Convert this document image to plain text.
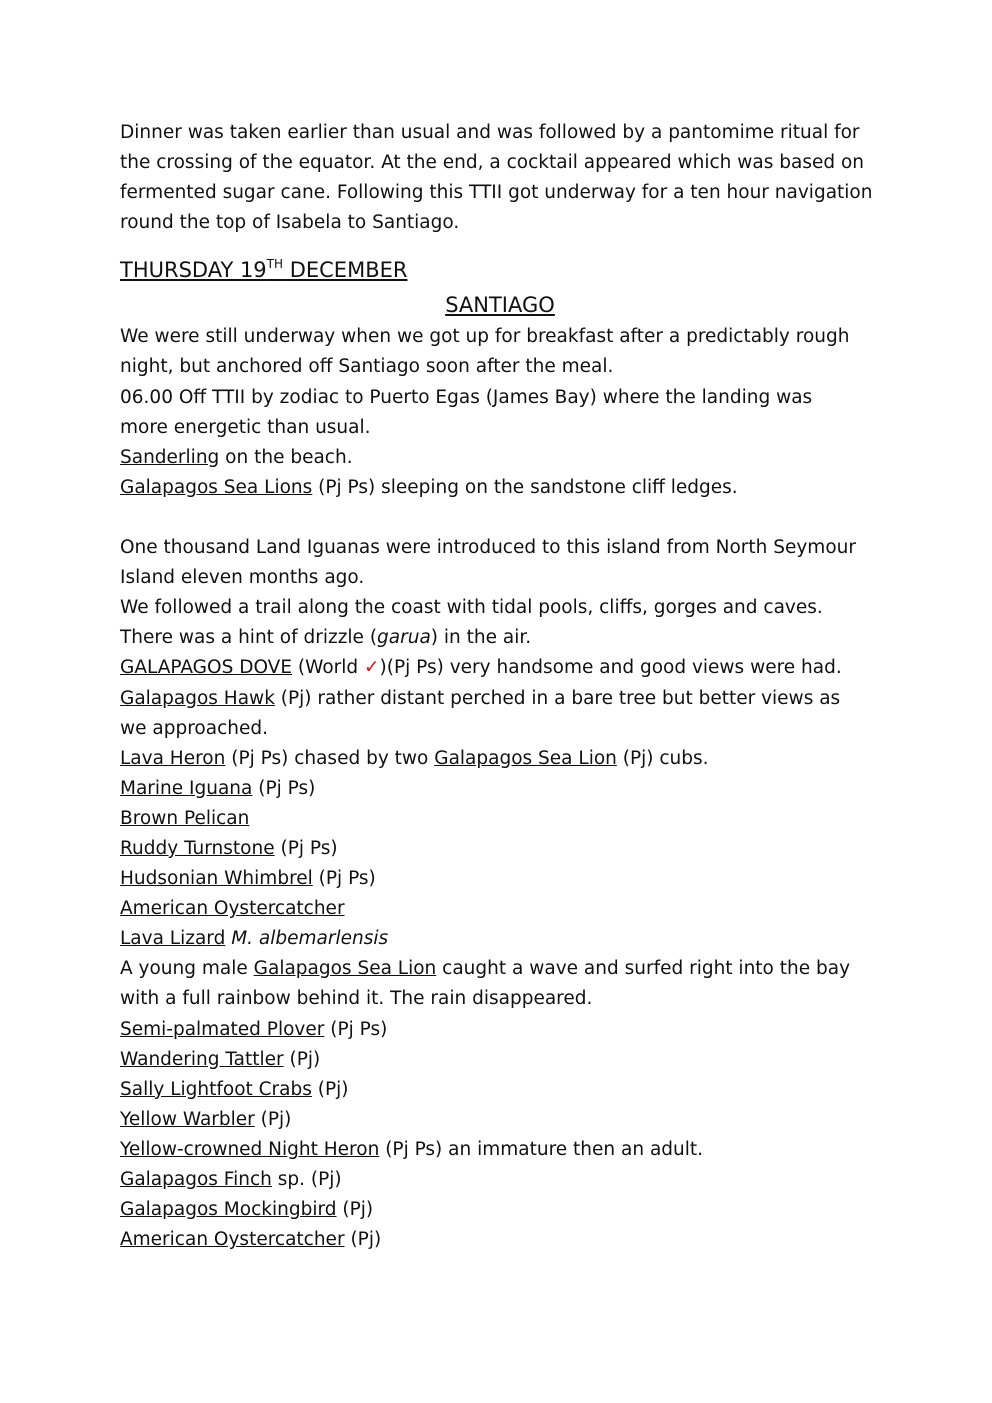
Dinner was taken earlier than usual and was followed by a pantomime ritual for
the crossing of the equator. At the end, a cocktail appeared which was based on
fermented sugar cane. Following this TTII got underway for a ten hour navigation
round the top of Isabela to Santiago.
THURSDAY 19TH DECEMBER
SANTIAGO
We were still underway when we got up for breakfast after a predictably rough
night, but anchored off Santiago soon after the meal.
06.00 Off TTII by zodiac to Puerto Egas (James Bay) where the landing was
more energetic than usual.
Sanderling on the beach.
Galapagos Sea Lions (Pj Ps) sleeping on the sandstone cliff ledges.
One thousand Land Iguanas were introduced to this island from North Seymour
Island eleven months ago.
We followed a trail along the coast with tidal pools, cliffs, gorges and caves.
There was a hint of drizzle (garua) in the air.
GALAPAGOS DOVE (World ✓)(Pj Ps) very handsome and good views were had.
Galapagos Hawk (Pj) rather distant perched in a bare tree but better views as
we approached.
Lava Heron (Pj Ps) chased by two Galapagos Sea Lion (Pj) cubs.
Marine Iguana (Pj Ps)
Brown Pelican
Ruddy Turnstone (Pj Ps)
Hudsonian Whimbrel (Pj Ps)
American Oystercatcher
Lava Lizard M. albemarlensis
A young male Galapagos Sea Lion caught a wave and surfed right into the bay
with a full rainbow behind it. The rain disappeared.
Semi-palmated Plover (Pj Ps)
Wandering Tattler (Pj)
Sally Lightfoot Crabs (Pj)
Yellow Warbler (Pj)
Yellow-crowned Night Heron (Pj Ps) an immature then an adult.
Galapagos Finch sp. (Pj)
Galapagos Mockingbird (Pj)
American Oystercatcher (Pj)
